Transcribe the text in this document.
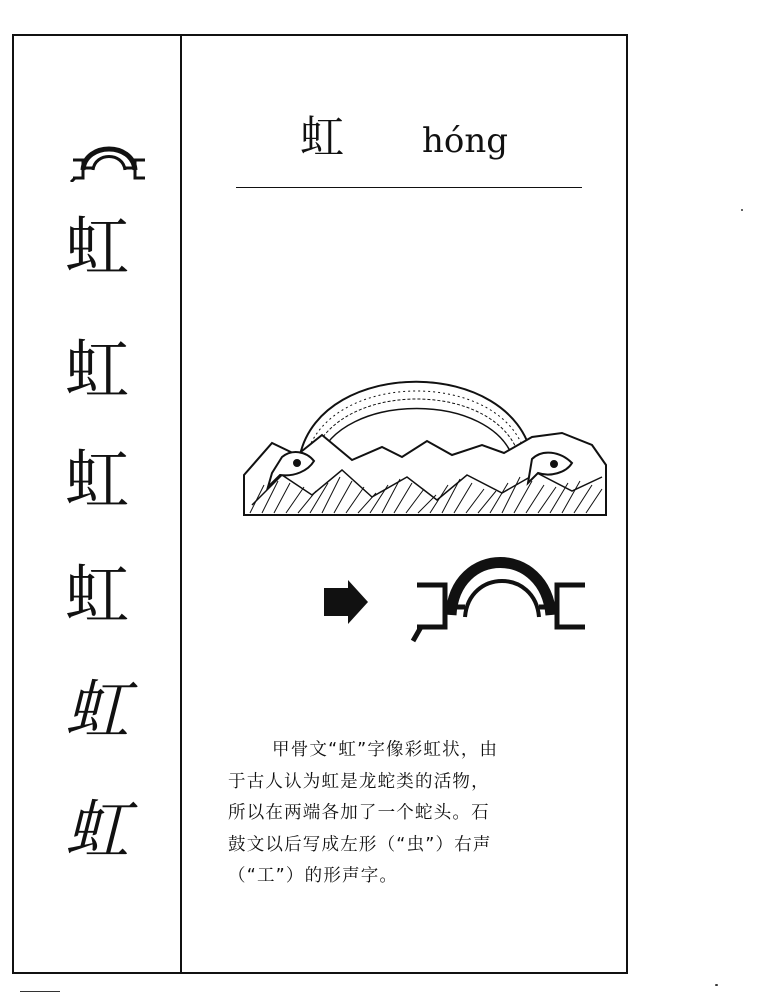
虹
虹
虹
虹
虹
虹
虹 hóng

甲骨文“虹”字像彩虹状，由

于古人认为虹是龙蛇类的活物，

所以在两端各加了一个蛇头。石

鼓文以后写成左形（“虫”）右声

（“工”）的形声字。
